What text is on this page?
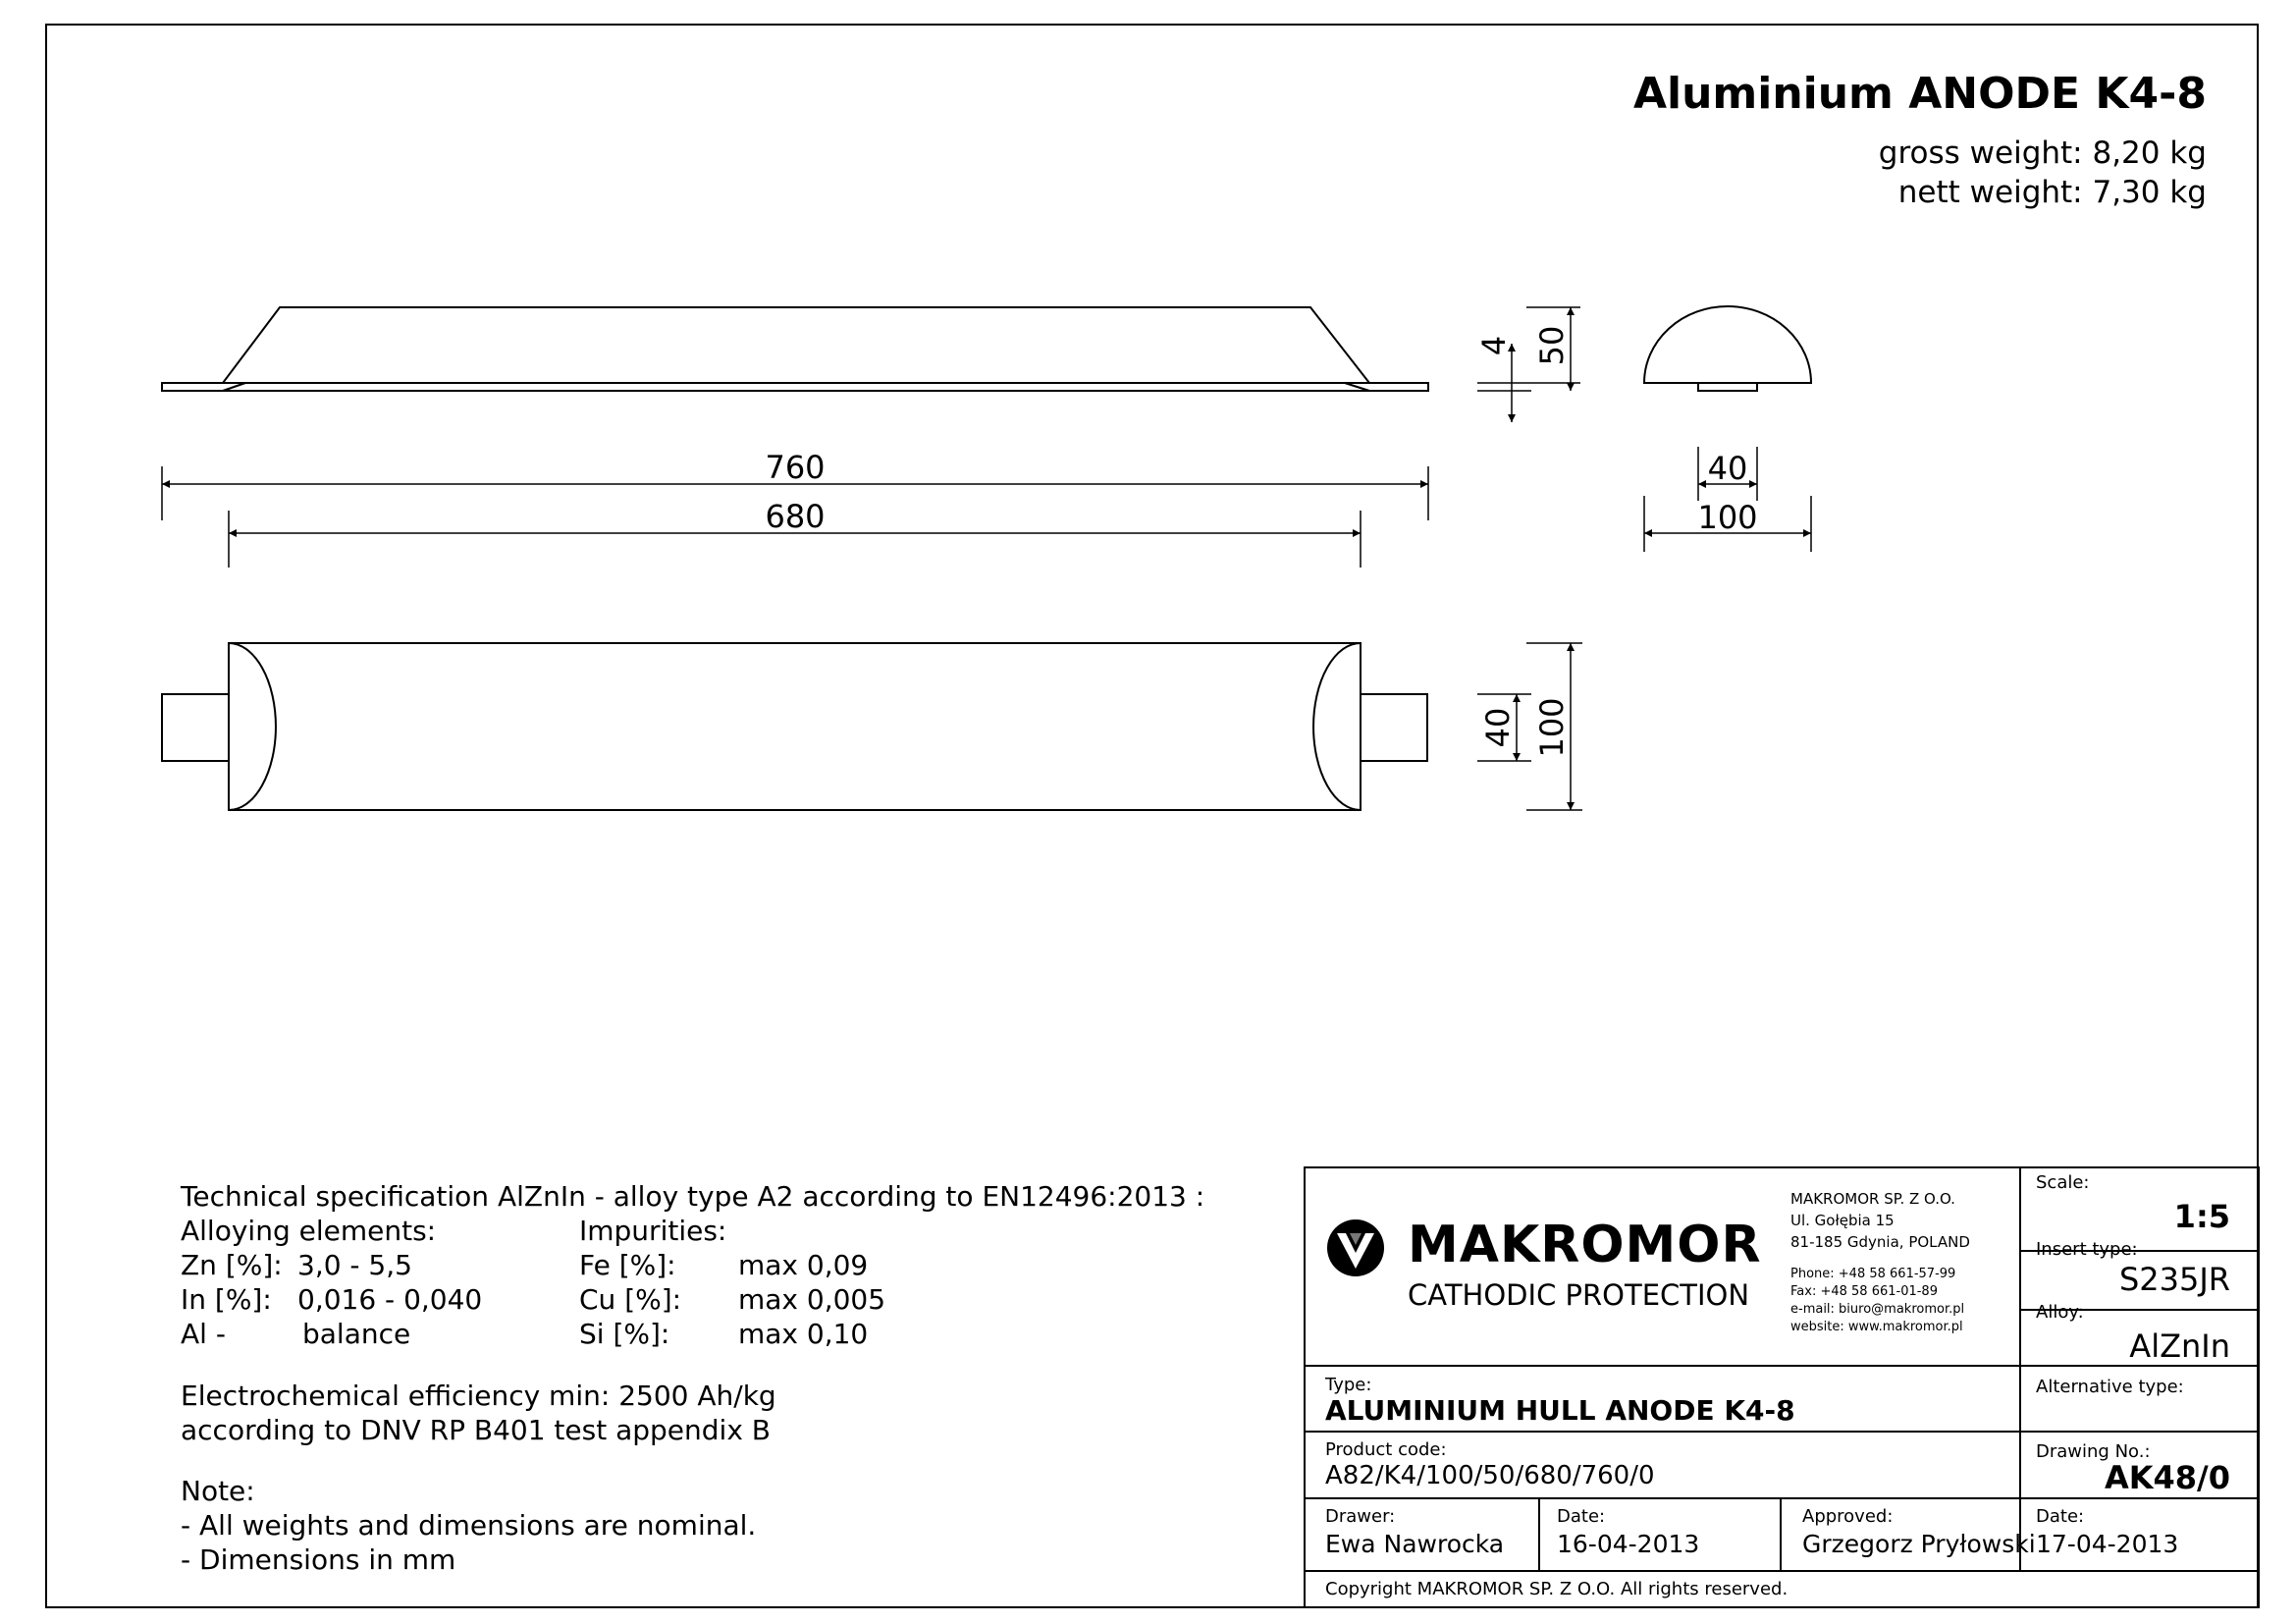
Aluminium ANODE K4-8
gross weight: 8,20 kg
nett weight: 7,30 kg
760
680
4 50
40
100
40 100
Technical specification AlZnIn - alloy type A2 according to EN12496:2013 :
Alloying elements:	Impurities:
Zn [%]: 3,0 - 5,5	Fe [%]: max 0,09
In [%]: 0,016 - 0,040	Cu [%]: max 0,005
Al -	balance	Si [%]: max 0,10
Electrochemical efficiency min: 2500 Ah/kg
according to DNV RP B401 test appendix B
Note:
- All weights and dimensions are nominal.
- Dimensions in mm
MAKROMOR
CATHODIC PROTECTION
MAKROMOR SP. Z O.O.
Ul. Gołębia 15
81-185 Gdynia, POLAND
Phone: +48 58 661-57-99
Fax: +48 58 661-01-89
e-mail: biuro@makromor.pl
website: www.makromor.pl
Scale:
1:5
Insert type:
S235JR
Alloy:
AlZnIn
Alternative type:
Type:
ALUMINIUM HULL ANODE K4-8
Product code:
A82/K4/100/50/680/760/0
Drawing No.:
AK48/0
Drawer:
Ewa Nawrocka
Date:
16-04-2013
Approved:
Grzegorz Pryłowski
Date:
17-04-2013
Copyright MAKROMOR SP. Z O.O. All rights reserved.
